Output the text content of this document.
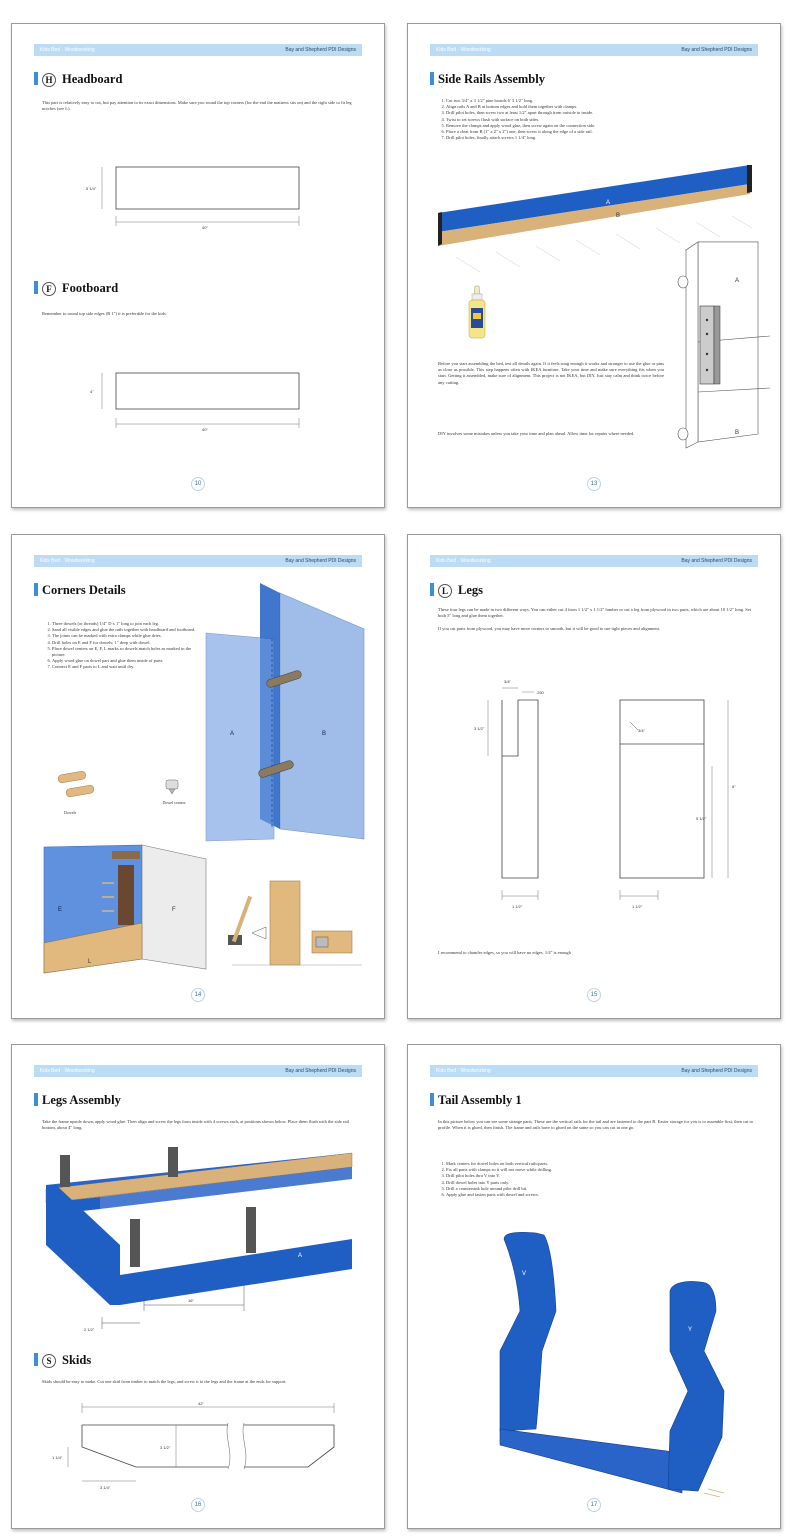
Kids Bed · Woodworking	Bay and Shepherd PDI Designs
H Headboard
This part is relatively easy to cut, but pay attention to its exact dimensions. Make sure you round the top corners (for the end the mattress sits on) and the right side to fit leg notches (see L).
5 1/4"
40"
F Footboard
Remember to round top side edges (R 1") it is preferable for the kids.
4"
40"
10
Kids Bed · Woodworking	Bay and Shepherd PDI Designs
Side Rails Assembly
1. Cut two 3/4" x 3 1/2" pine boards 6' 3 1/2" long.
2. Align rails A and B at bottom edges and hold them together with clamps.
3. Drill pilot holes, then screw two at least 1/2" apart through from outside to inside.
4. Twist to set screws flush with surface on both sides.
5. Remove the clamps and apply wood glue, then screw again on the connection side.
6. Place a cleat from B (1" x 2" x 2") one, then screw it along the edge of a side rail.
7. Drill pilot holes, finally attach screws 1 1/4" long.
A
B
Before you start assembling the bed, test all details again. If it feels snug enough it works and stronger to use the glue or pins as close as possible. This step happens often with IKEA furniture. Take your time and make sure everything fits when you start. Getting it assembled, make sure of alignment. This project is not IKEA, but DIY. Just stay calm and think twice before any cutting.
DIY involves some mistakes unless you take your time and plan ahead. Allow time for repairs where needed.
A
B
13
Kids Bed · Woodworking	Bay and Shepherd PDI Designs
Corners Details
1. Three dowels (or threads) 1/4" D x 1" long to join each leg.
2. Sand all visible edges and glue the rails together with headboard and footboard.
3. The joints can be marked with extra clamps while glue dries.
4. Drill holes on E and F for dowels; 1" deep with dowel.
5. Place dowel centers on E, F, L marks so dowels match holes as marked in the picture.
6. Apply wood glue on dowel part and glue them inside of parts.
7. Connect E and F parts to L and wait until dry.
A	B
Dowels
Dowel centers
E	F
L
14
Kids Bed · Woodworking	Bay and Shepherd PDI Designs
L Legs
These four legs can be made in two different ways. You can either cut 4 from 1 1/2" x 1 1/2" lumber or cut a leg from plywood in two parts, which are about 10 1/2" long. Set both 5" long and glue them together.
If you cut parts from plywood, you may have more corners to smooth, but it will be good to use tight pieces and alignment.
3/4"
.250
3 1/2"
1 1/2"
3/4"
8"
5 1/2"
1 1/2"
I recommend to chamfer edges, so you will have no edges. 1/4" is enough
15
Kids Bed · Woodworking	Bay and Shepherd PDI Designs
Legs Assembly
Take the frame upside down, apply wood glue. Then align and screw the legs from inside with 4 screws each, at positions shown below. Place them flush with the side rail bottom, about 4" long.
16"
2 1/2"
A
S Skids
Skids should be easy to make. Cut one skid from timber to match the legs, and screw it to the legs and the frame at the ends for support.
42"
3 1/2"
1 1/4"
3 1/4"
16
Kids Bed · Woodworking	Bay and Shepherd PDI Designs
Tail Assembly 1
In this picture below you can see some strange parts. These are the vertical rails for the tail and are fastened to the part B. Easier storage for you is to assemble first, then cut to profile. When it is glued, then finish. The frame and rails have to glued on the same so you can cut in one go.
1. Mark centers for dowel holes on both vertical rails/parts.
2. Fix all parts with clamps so it will not move while drilling.
3. Drill pilot holes thru V into Y.
4. Drill dowel holes into Y parts only.
5. Drill a countersink hole around pilot drill bit.
6. Apply glue and fasten parts with dowel and screws.
V
Y
17
